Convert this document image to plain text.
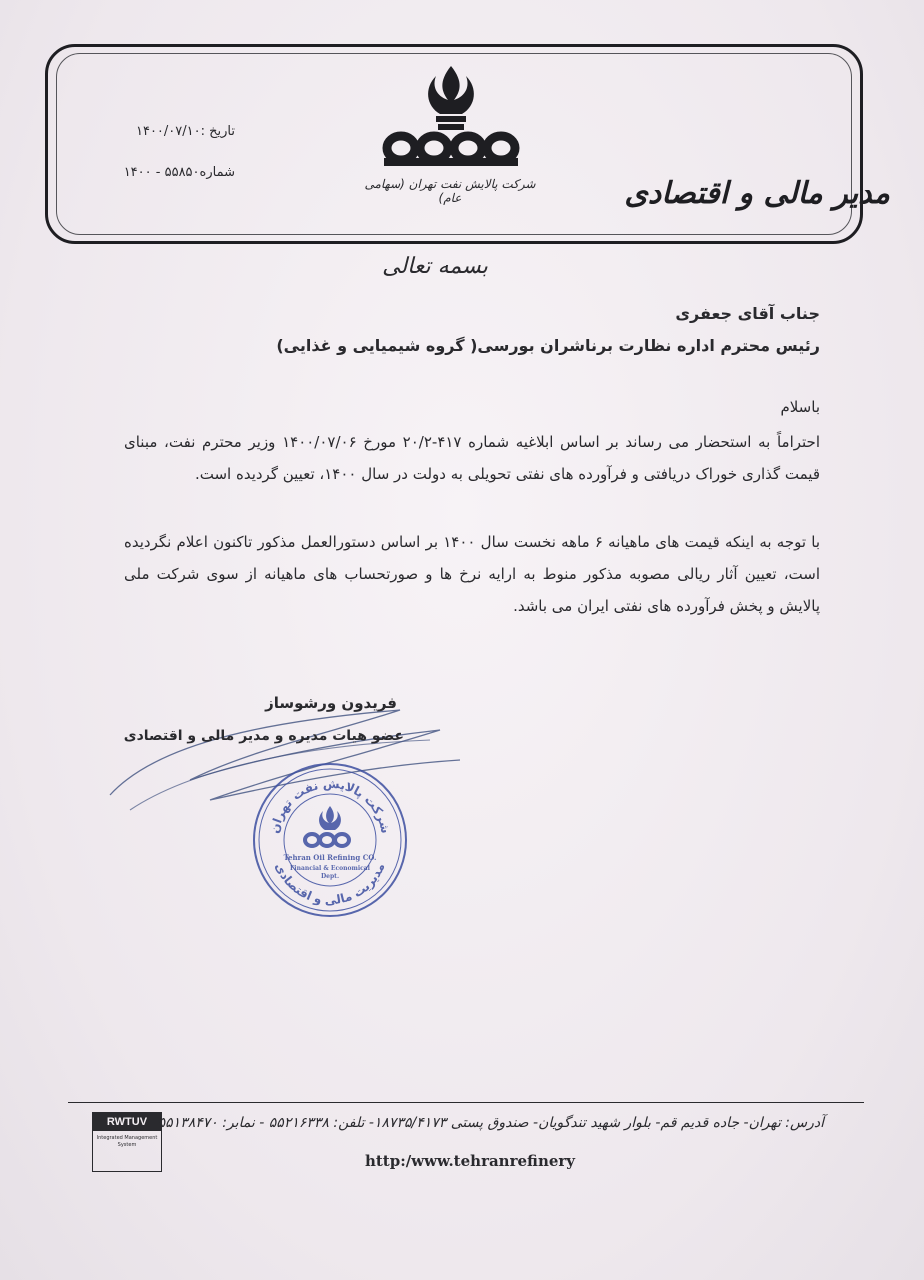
تاریخ :۱۴۰۰/۰۷/۱۰
شماره۵۵۸۵۰ - ۱۴۰۰
شرکت پالایش نفت تهران (سهامی عام)	مدیر مالی و اقتصادی
بسمه تعالی
جناب آقای جعفری
رئیس محترم اداره نظارت برناشران بورسی( گروه شیمیایی و غذایی)
باسلام
احتراماً به استحضار می رساند بر اساس ابلاغیه شماره ۴۱۷-۲۰/۲ مورخ ۱۴۰۰/۰۷/۰۶ وزیر محترم نفت، مبنای قیمت گذاری خوراک دریافتی و فرآورده های نفتی تحویلی به دولت در سال ۱۴۰۰، تعیین گردیده است.
با توجه به اینکه قیمت های ماهیانه ۶ ماهه نخست سال ۱۴۰۰ بر اساس دستورالعمل مذکور تاکنون اعلام نگردیده است، تعیین آثار ریالی مصوبه مذکور منوط به ارایه نرخ ها و صورتحساب های ماهیانه از سوی شرکت ملی پالایش و پخش فرآورده های نفتی ایران می باشد.
فریدون ورشوساز
عضو هیات مدیره و مدیر مالی و اقتصادی
شرکت پالایش نفت تهران
مدیریت مالی و اقتصادی
Tehran Oil Refining CO.
Financial & Economical
Dept.
RWTUV
Integrated Management System
آدرس: تهران- جاده قدیم قم- بلوار شهید تندگویان- صندوق پستی ۱۸۷۳۵/۴۱۷۳- تلفن: ۵۵۲۱۶۳۳۸ - نمابر: ۵۵۱۳۸۴۷۰
http:/www.tehranrefinery
